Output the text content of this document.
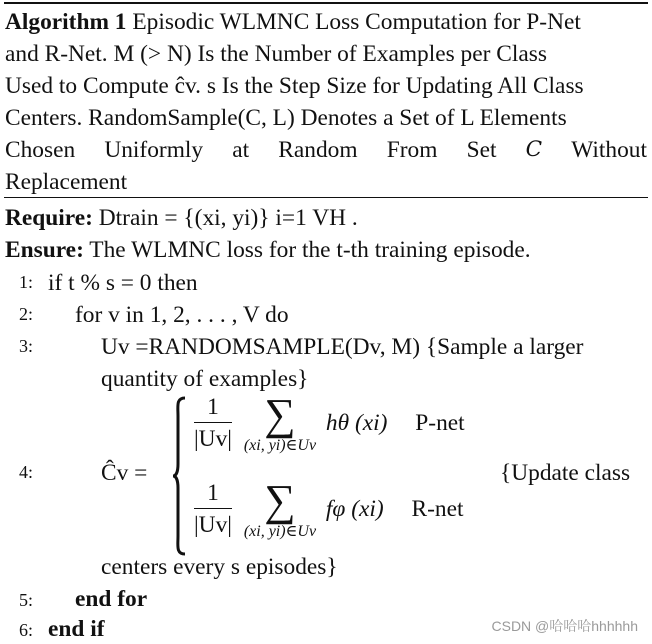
Algorithm 1 Episodic WLMNC Loss Computation for P-Net
and R-Net. M (> N) Is the Number of Examples per Class
Used to Compute ĉv. s Is the Step Size for Updating All Class
Centers. RandomSample(C, L) Denotes a Set of L Elements
Chosen Uniformly at Random From Set C Without
Replacement
Require: Dtrain = {(xi, yi)} i=1 VH .
Ensure: The WLMNC loss for the t-th training episode.
1: if t % s = 0 then
2: for v in 1, 2, . . . , V do
3:	Uv =RANDOMSAMPLE(Dv, M) {Sample a larger
quantity of examples}
4:	Ĉv =
$\frac{1}{|Uv|}$
∑
(xi, yi)∈Uv
hθ (xi) P-net
$\frac{1}{|Uv|}$
∑
(xi, yi)∈Uv
fφ (xi) R-net
{Update class
centers every s episodes}
5: end for
6: end if	CSDN @哈哈哈hhhhhh
